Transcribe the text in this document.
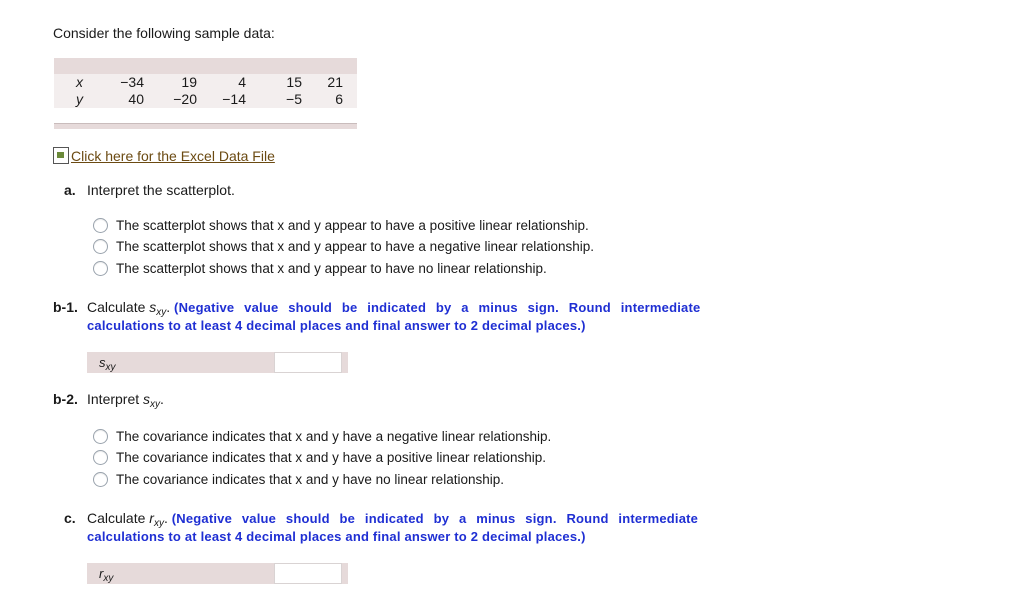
Consider the following sample data:
x	−34	19	4	15	21
y	40	−20	−14	−5	6
Click here for the Excel Data File
a. Interpret the scatterplot.
The scatterplot shows that x and y appear to have a positive linear relationship.
The scatterplot shows that x and y appear to have a negative linear relationship.
The scatterplot shows that x and y appear to have no linear relationship.
b-1. Calculate $s_{xy}$. (Negative value should be indicated by a minus sign. Round intermediate
calculations to at least 4 decimal places and final answer to 2 decimal places.)
$s_{xy}$
b-2. Interpret $s_{xy}$.
The covariance indicates that x and y have a negative linear relationship.
The covariance indicates that x and y have a positive linear relationship.
The covariance indicates that x and y have no linear relationship.
c. Calculate $r_{xy}$. (Negative value should be indicated by a minus sign. Round intermediate
calculations to at least 4 decimal places and final answer to 2 decimal places.)
$r_{xy}$
